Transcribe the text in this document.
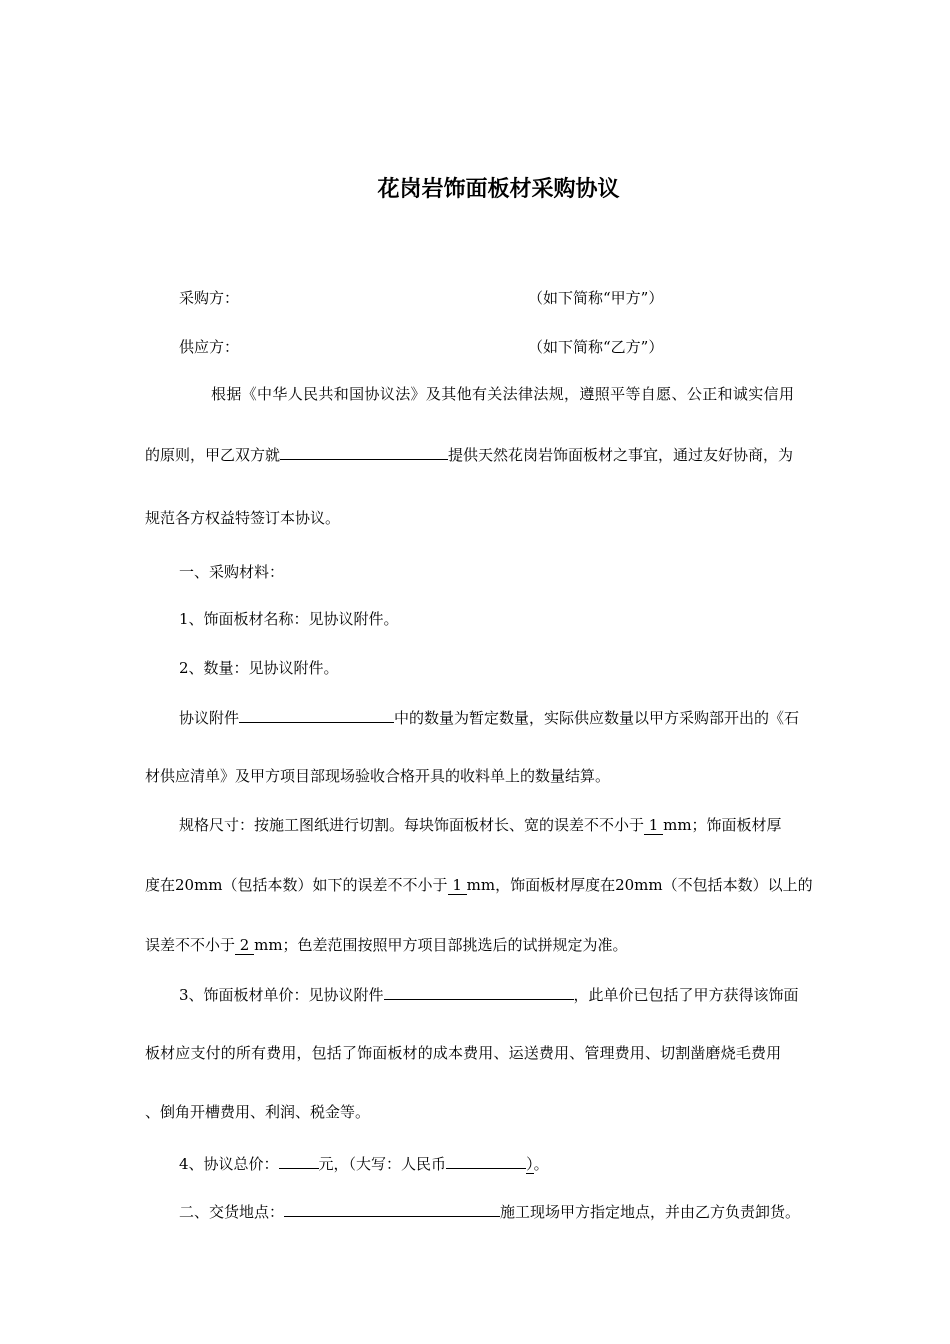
花岗岩饰面板材采购协议
采购方：	（如下简称“甲方”）
供应方：	（如下简称“乙方”）
根据《中华人民共和国协议法》及其他有关法律法规，遵照平等自愿、公正和诚实信用
的原则，甲乙双方就	提供天然花岗岩饰面板材之事宜，通过友好协商，为
规范各方权益特签订本协议。
一、采购材料：
1、饰面板材名称：见协议附件。
2、数量：见协议附件。
协议附件	中的数量为暂定数量，实际供应数量以甲方采购部开出的《石
材供应清单》及甲方项目部现场验收合格开具的收料单上的数量结算。
规格尺寸：按施工图纸进行切割。每块饰面板材长、宽的误差不不小于 1 mm；饰面板材厚
度在20mm（包括本数）如下的误差不不小于 1 mm，饰面板材厚度在20mm（不包括本数）以上的
误差不不小于 2 mm；色差范围按照甲方项目部挑选后的试拼规定为准。
3、饰面板材单价：见协议附件	，此单价已包括了甲方获得该饰面
板材应支付的所有费用，包括了饰面板材的成本费用、运送费用、管理费用、切割凿磨烧毛费用
、倒角开槽费用、利润、税金等。
4、协议总价：	元，（大写：人民币	）。
二、交货地点：	施工现场甲方指定地点，并由乙方负责卸货。
